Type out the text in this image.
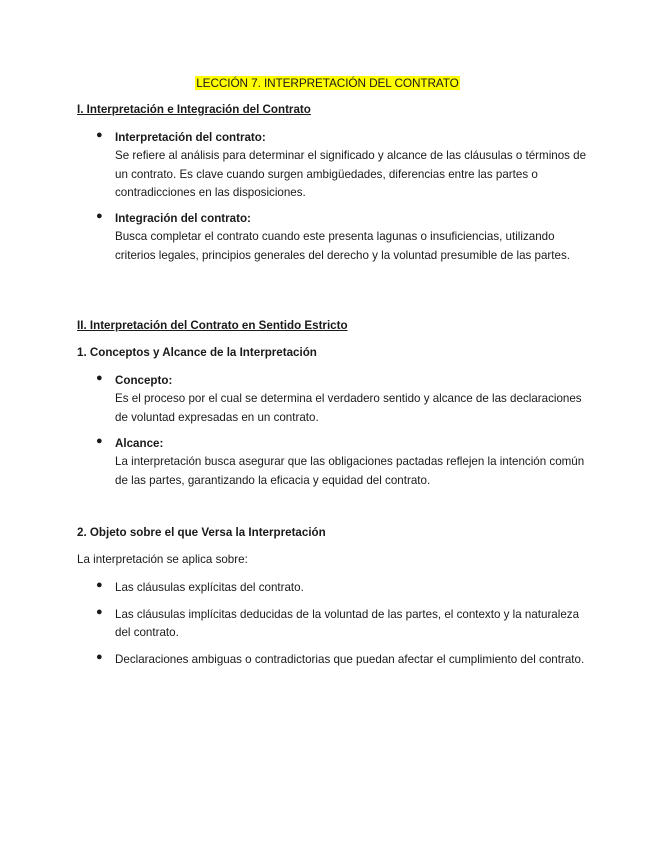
LECCIÓN 7. INTERPRETACIÓN DEL CONTRATO
I. Interpretación e Integración del Contrato
● Interpretación del contrato:
Se refiere al análisis para determinar el significado y alcance de las cláusulas o términos de un contrato. Es clave cuando surgen ambigüedades, diferencias entre las partes o contradicciones en las disposiciones.
● Integración del contrato:
Busca completar el contrato cuando este presenta lagunas o insuficiencias, utilizando criterios legales, principios generales del derecho y la voluntad presumible de las partes.
II. Interpretación del Contrato en Sentido Estricto
1. Conceptos y Alcance de la Interpretación
● Concepto:
Es el proceso por el cual se determina el verdadero sentido y alcance de las declaraciones de voluntad expresadas en un contrato.
● Alcance:
La interpretación busca asegurar que las obligaciones pactadas reflejen la intención común de las partes, garantizando la eficacia y equidad del contrato.
2. Objeto sobre el que Versa la Interpretación
La interpretación se aplica sobre:
● Las cláusulas explícitas del contrato.
● Las cláusulas implícitas deducidas de la voluntad de las partes, el contexto y la naturaleza del contrato.
● Declaraciones ambiguas o contradictorias que puedan afectar el cumplimiento del contrato.
